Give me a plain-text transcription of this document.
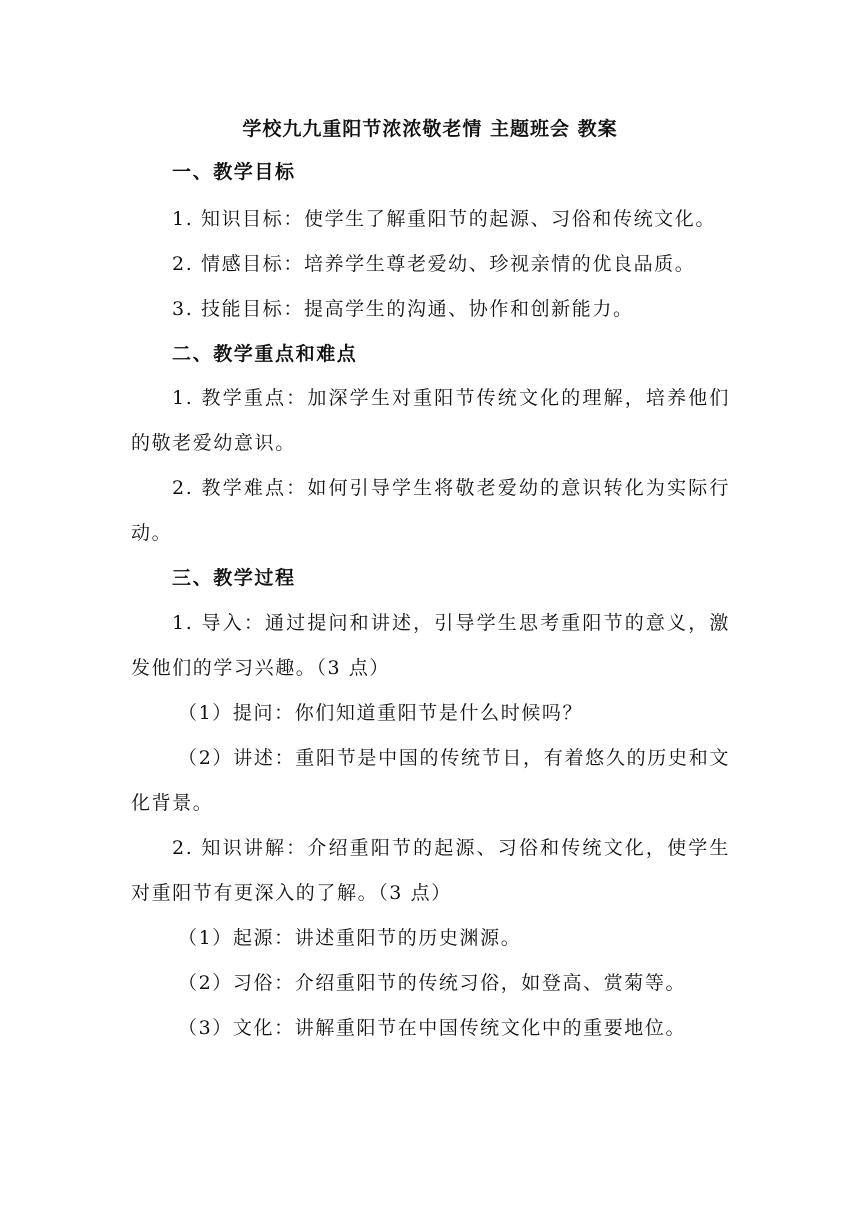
学校九九重阳节浓浓敬老情 主题班会 教案
一、教学目标
1. 知识目标：使学生了解重阳节的起源、习俗和传统文化。
2. 情感目标：培养学生尊老爱幼、珍视亲情的优良品质。
3. 技能目标：提高学生的沟通、协作和创新能力。
二、教学重点和难点
1. 教学重点：加深学生对重阳节传统文化的理解，培养他们
的敬老爱幼意识。
2. 教学难点：如何引导学生将敬老爱幼的意识转化为实际行
动。
三、教学过程
1. 导入：通过提问和讲述，引导学生思考重阳节的意义，激
发他们的学习兴趣。（3 点）
（1）提问：你们知道重阳节是什么时候吗？
（2）讲述：重阳节是中国的传统节日，有着悠久的历史和文
化背景。
2. 知识讲解：介绍重阳节的起源、习俗和传统文化，使学生
对重阳节有更深入的了解。（3 点）
（1）起源：讲述重阳节的历史渊源。
（2）习俗：介绍重阳节的传统习俗，如登高、赏菊等。
（3）文化：讲解重阳节在中国传统文化中的重要地位。
